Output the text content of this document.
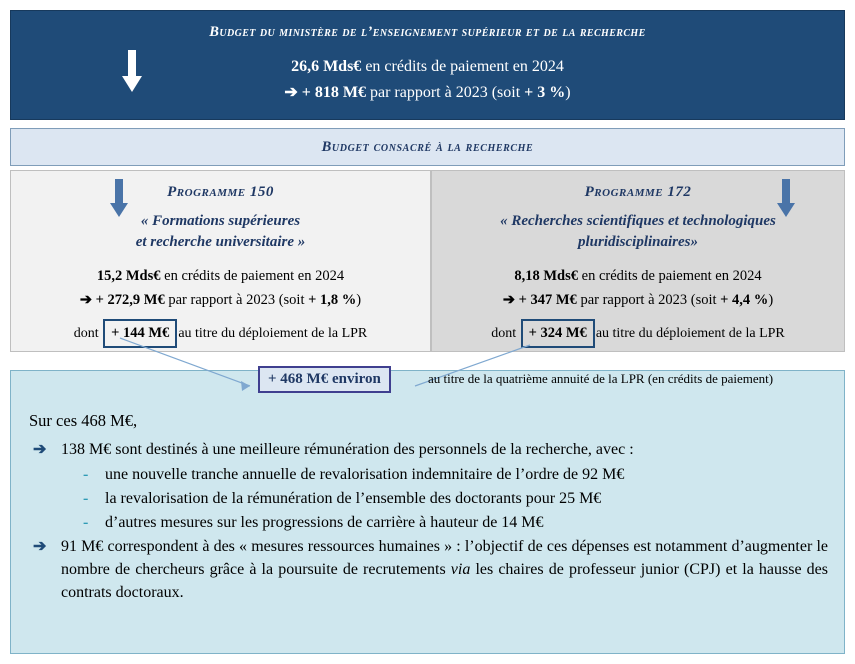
Budget du ministère de l’enseignement supérieur et de la recherche
26,6 Mds€ en crédits de paiement en 2024
➔ + 818 M€ par rapport à 2023 (soit + 3 %)
Budget consacré à la recherche
Programme 150
« Formations supérieures
et recherche universitaire »
15,2 Mds€ en crédits de paiement en 2024
➔ + 272,9 M€ par rapport à 2023 (soit + 1,8 %)
dont + 144 M€ au titre du déploiement de la LPR
Programme 172
« Recherches scientifiques et technologiques
pluridisciplinaires»
8,18 Mds€ en crédits de paiement en 2024
➔ + 347 M€ par rapport à 2023 (soit + 4,4 %)
dont + 324 M€ au titre du déploiement de la LPR
Sur ces 468 M€,
➔ 138 M€ sont destinés à une meilleure rémunération des personnels de la recherche, avec :
- une nouvelle tranche annuelle de revalorisation indemnitaire de l’ordre de 92 M€
- la revalorisation de la rémunération de l’ensemble des doctorants pour 25 M€
- d’autres mesures sur les progressions de carrière à hauteur de 14 M€
➔ 91 M€ correspondent à des « mesures ressources humaines » : l’objectif de ces dépenses est notamment d’augmenter le nombre de chercheurs grâce à la poursuite de recrutements via les chaires de professeur junior (CPJ) et la hausse des contrats doctoraux.
+ 468 M€ environ	au titre de la quatrième annuité de la LPR (en crédits de paiement)
